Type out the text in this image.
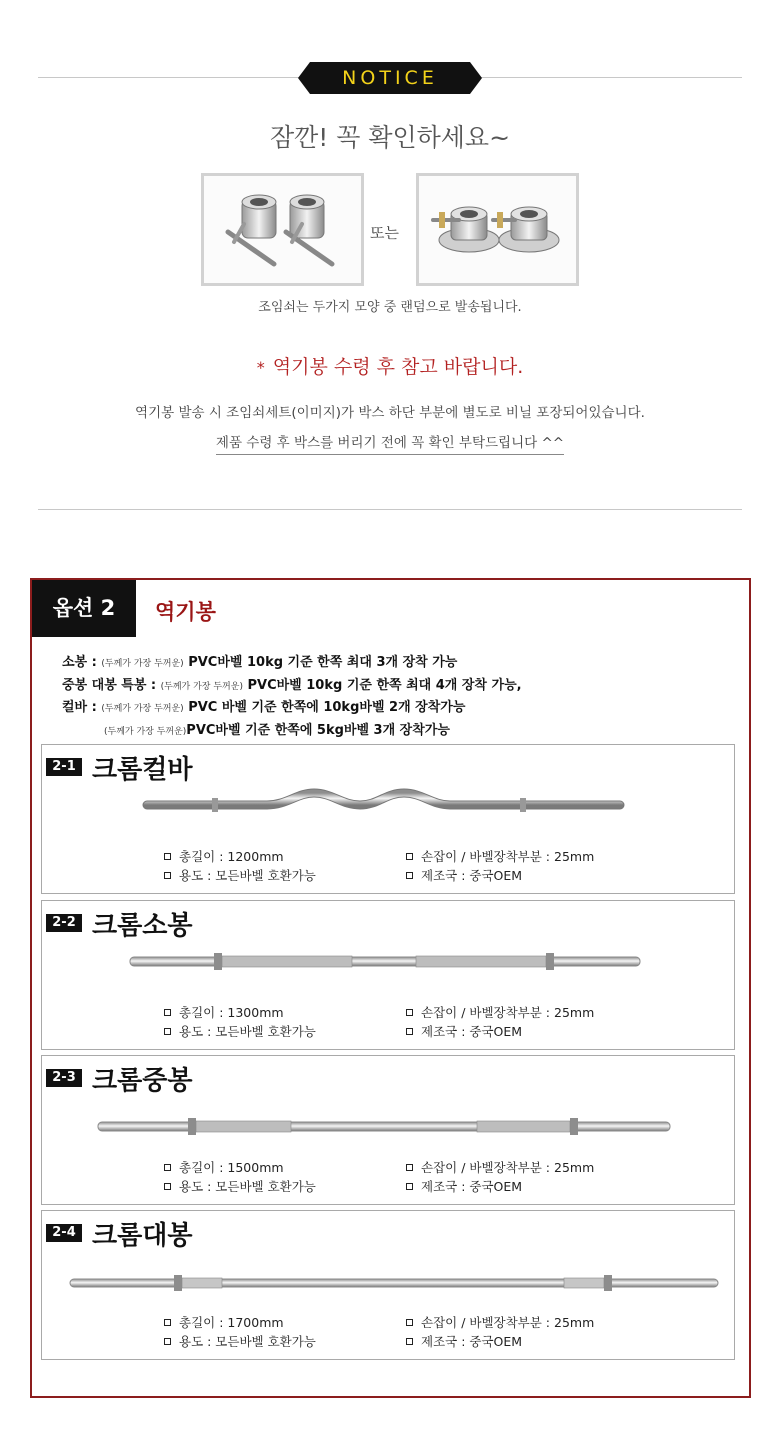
NOTICE
잠깐! 꼭 확인하세요~
또는
조임쇠는 두가지 모양 중 랜덤으로 발송됩니다.
* 역기봉 수령 후 참고 바랍니다.
역기봉 발송 시 조임쇠세트(이미지)가 박스 하단 부분에 별도로 비닐 포장되어있습니다.
제품 수령 후 박스를 버리기 전에 꼭 확인 부탁드립니다 ^^
옵션 2	역기봉
소봉 : (두께가 가장 두꺼운) PVC바벨 10kg 기준 한쪽 최대 3개 장착 가능
중봉 대봉 특봉 : (두께가 가장 두꺼운) PVC바벨 10kg 기준 한쪽 최대 4개 장착 가능,
컬바 : (두께가 가장 두꺼운) PVC 바벨 기준 한쪽에 10kg바벨 2개 장착가능
(두께가 가장 두꺼운)PVC바벨 기준 한쪽에 5kg바벨 3개 장착가능
2-1 크롬컬바
총길이 : 1200mm	손잡이 / 바벨장착부분 : 25mm
용도 : 모든바벨 호환가능	제조국 : 중국OEM
2-2 크롬소봉
총길이 : 1300mm	손잡이 / 바벨장착부분 : 25mm
용도 : 모든바벨 호환가능	제조국 : 중국OEM
2-3 크롬중봉
총길이 : 1500mm	손잡이 / 바벨장착부분 : 25mm
용도 : 모든바벨 호환가능	제조국 : 중국OEM
2-4 크롬대봉
총길이 : 1700mm	손잡이 / 바벨장착부분 : 25mm
용도 : 모든바벨 호환가능	제조국 : 중국OEM
